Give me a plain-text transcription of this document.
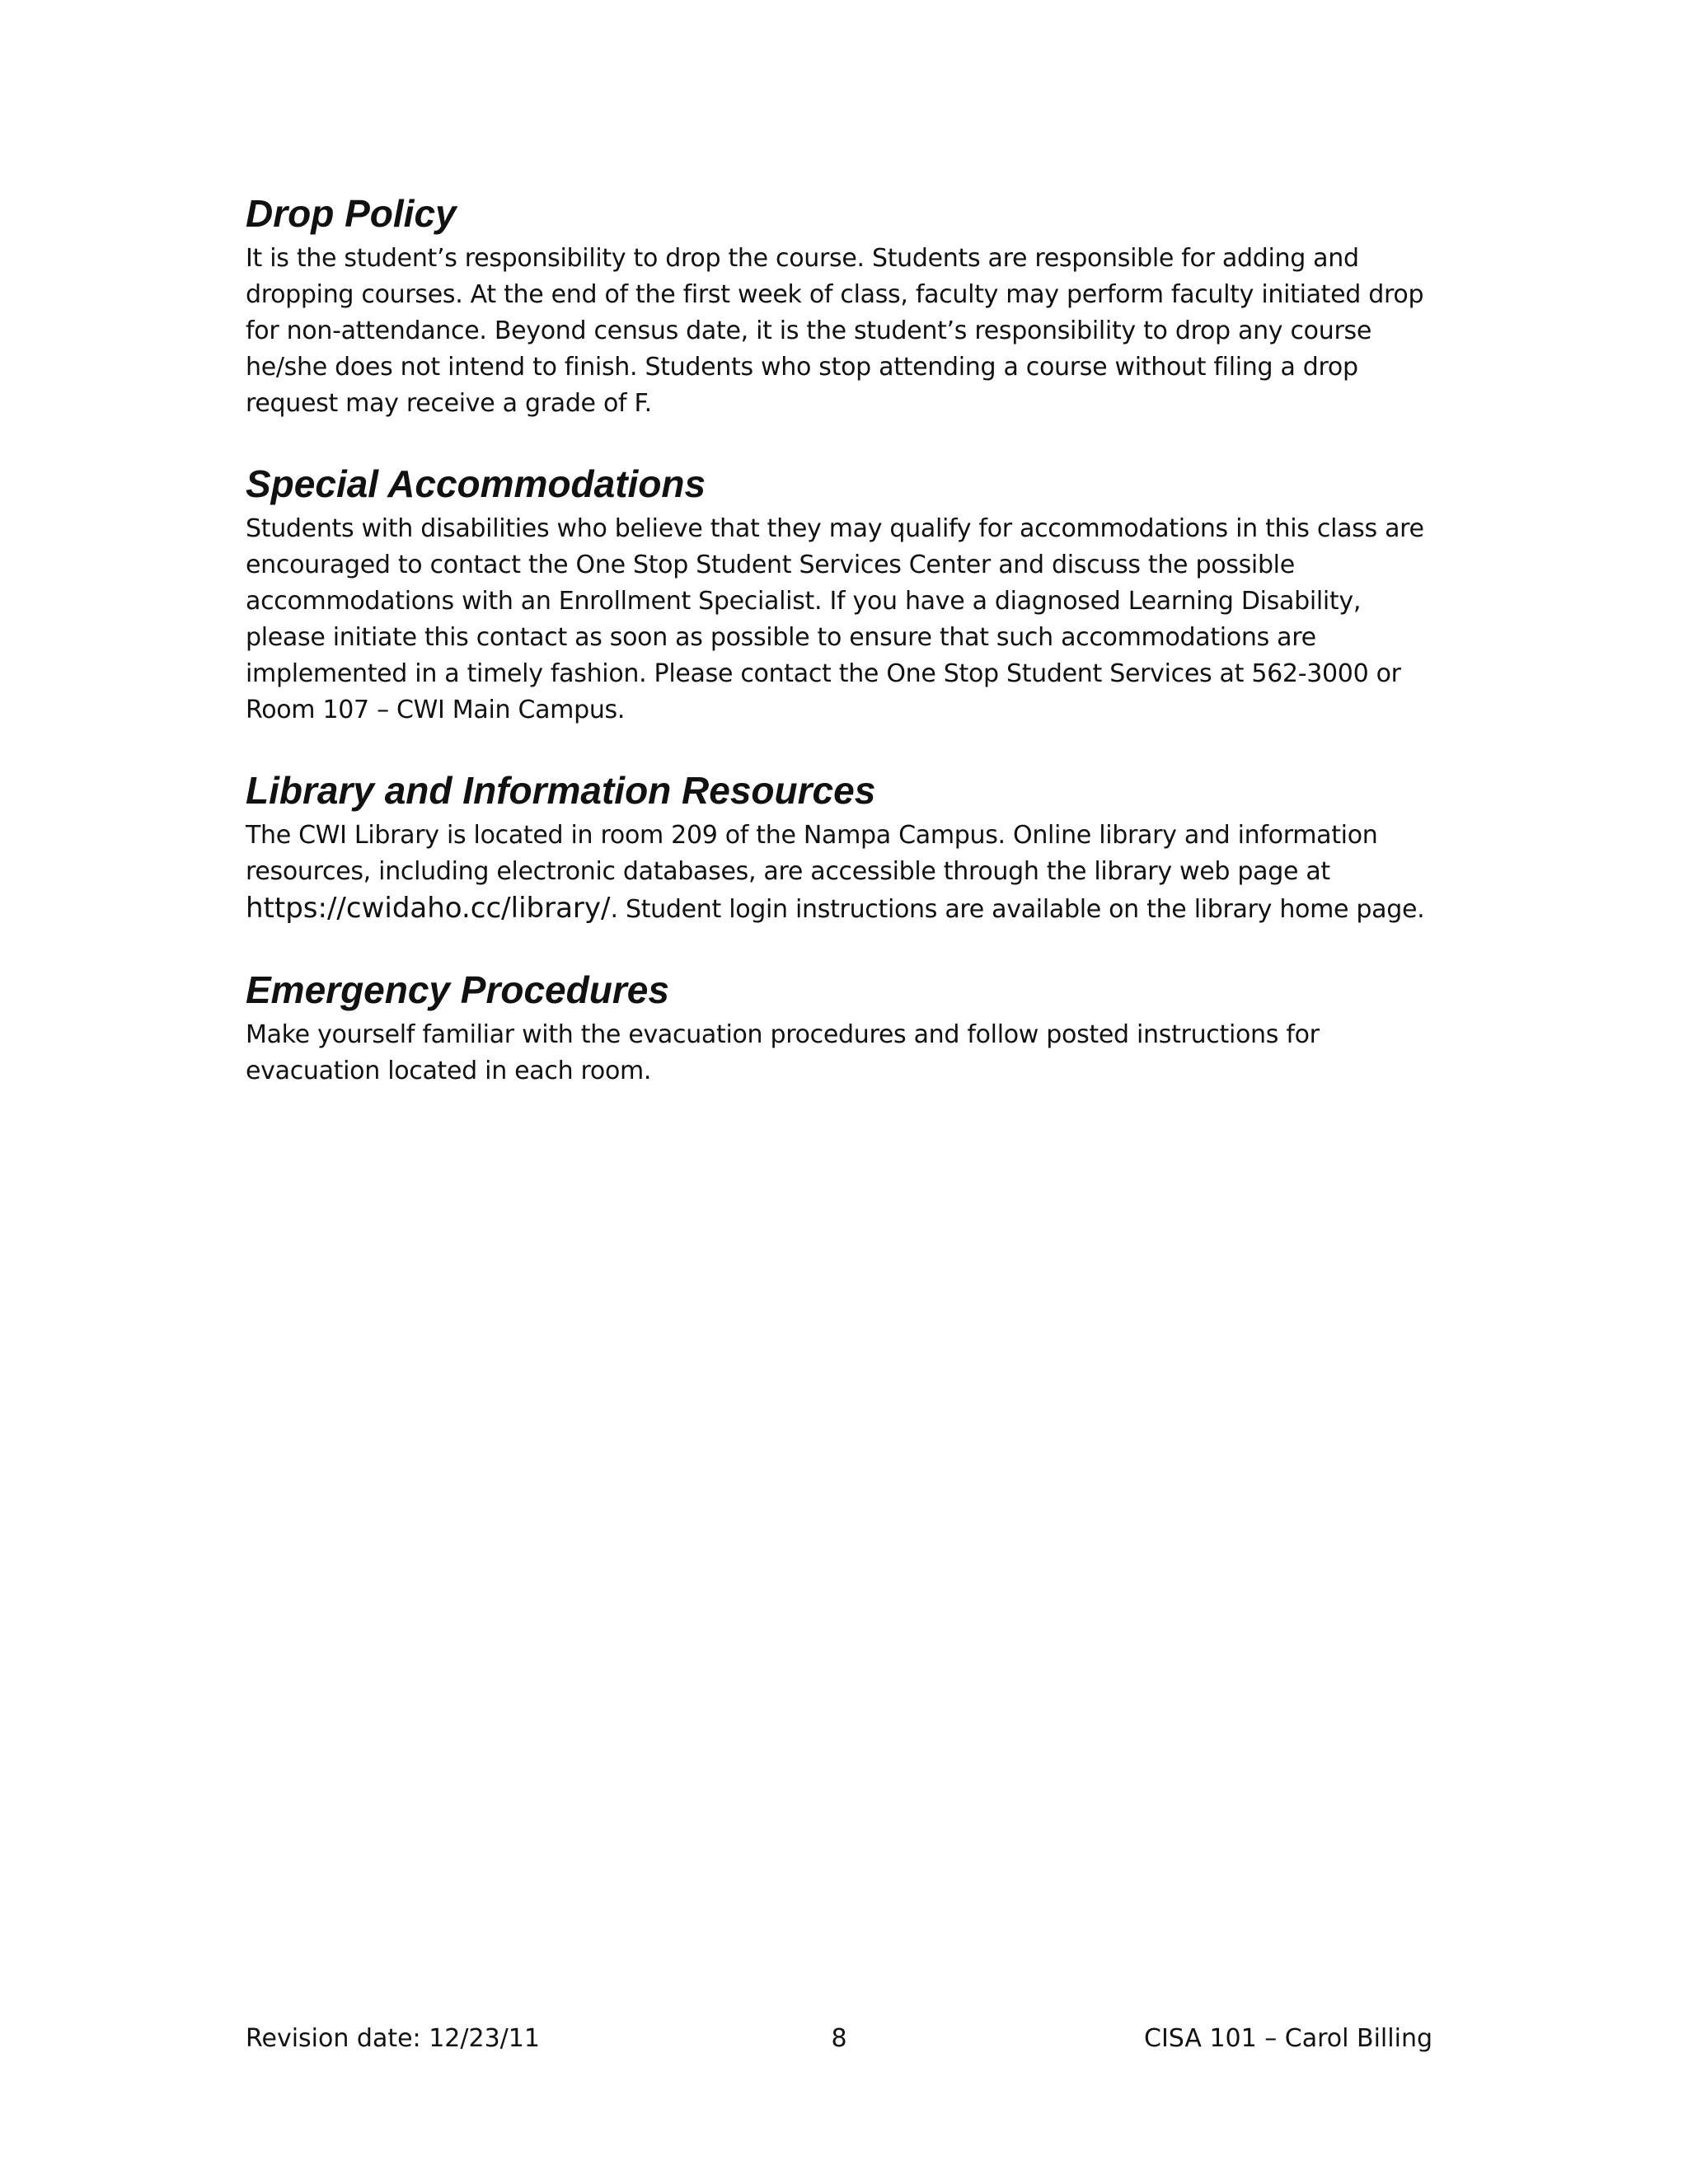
Drop Policy

It is the student’s responsibility to drop the course. Students are responsible for adding and dropping courses. At the end of the first week of class, faculty may perform faculty initiated drop for non-attendance. Beyond census date, it is the student’s responsibility to drop any course he/she does not intend to finish. Students who stop attending a course without filing a drop request may receive a grade of F.

Special Accommodations

Students with disabilities who believe that they may qualify for accommodations in this class are encouraged to contact the One Stop Student Services Center and discuss the possible accommodations with an Enrollment Specialist. If you have a diagnosed Learning Disability, please initiate this contact as soon as possible to ensure that such accommodations are implemented in a timely fashion. Please contact the One Stop Student Services at 562-3000 or Room 107 – CWI Main Campus.

Library and Information Resources

The CWI Library is located in room 209 of the Nampa Campus. Online library and information resources, including electronic databases, are accessible through the library web page at https://cwidaho.cc/library/. Student login instructions are available on the library home page.

Emergency Procedures

Make yourself familiar with the evacuation procedures and follow posted instructions for evacuation located in each room.

Revision date: 12/23/11	8	CISA 101 – Carol Billing
